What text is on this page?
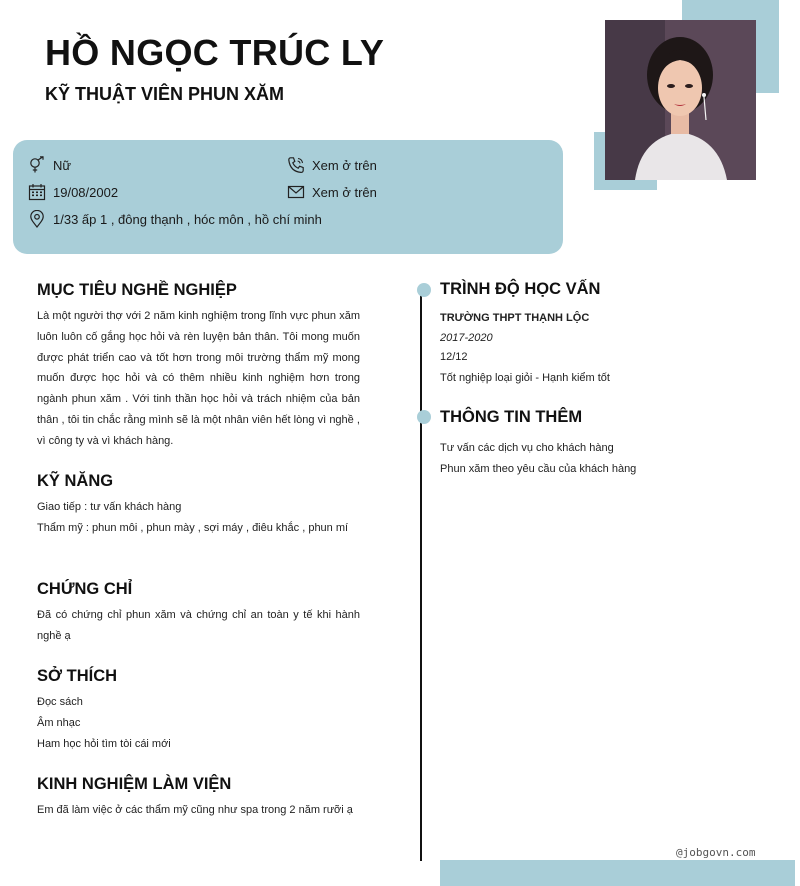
HỒ NGỌC TRÚC LY
KỸ THUẬT VIÊN PHUN XĂM
Nữ
19/08/2002
1/33 ấp 1 , đông thạnh , hóc môn , hồ chí minh
Xem ở trên
Xem ở trên
MỤC TIÊU NGHỀ NGHIỆP
Là một người thợ với 2 năm kinh nghiệm trong lĩnh vực phun xăm luôn luôn cố gắng học hỏi và rèn luyện bản thân. Tôi mong muốn được phát triển cao và tốt hơn trong môi trường thẩm mỹ mong muốn được học hỏi và có thêm nhiều kinh nghiệm hơn trong ngành phun xăm . Với tinh thần học hỏi và trách nhiệm của bản thân , tôi tin chắc rằng mình sẽ là một nhân viên hết lòng vì nghề , vì công ty và vì khách hàng.
KỸ NĂNG
Giao tiếp : tư vấn khách hàng
Thẩm mỹ : phun môi , phun mày , sợi máy , điêu khắc , phun mí
CHỨNG CHỈ
Đã có chứng chỉ phun xăm và chứng chỉ an toàn y tế khi hành nghề ạ
SỞ THÍCH
Đọc sách
Âm nhạc
Ham học hỏi tìm tòi cái mới
KINH NGHIỆM LÀM VIỆN
Em đã làm việc ở các thẩm mỹ cũng như spa trong 2 năm rưỡi ạ
TRÌNH ĐỘ HỌC VẤN
TRƯỜNG THPT THẠNH LỘC
2017-2020
12/12
Tốt nghiệp loại giỏi - Hạnh kiểm tốt
THÔNG TIN THÊM
Tư vấn các dịch vụ cho khách hàng
Phun xăm theo yêu cầu của khách hàng
@jobgovn.com
